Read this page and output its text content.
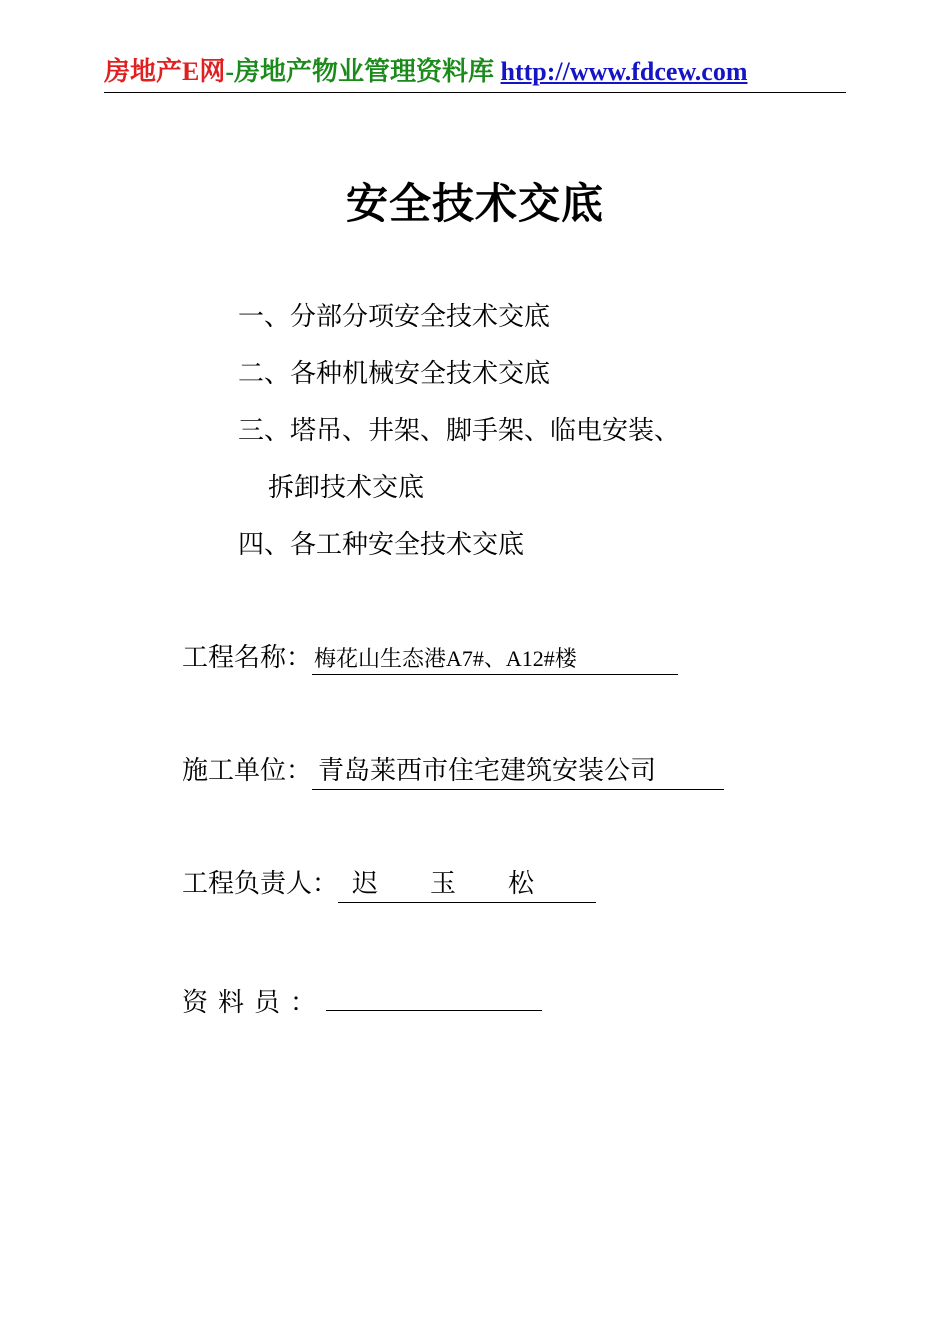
房地产E网-房地产物业管理资料库 http://www.fdcew.com
安全技术交底
一、分部分项安全技术交底
二、各种机械安全技术交底
三、塔吊、井架、脚手架、临电安装、
拆卸技术交底
四、各工种安全技术交底
工程名称：梅花山生态港A7#、A12#楼
施工单位： 青岛莱西市住宅建筑安装公司
工程负责人： 迟 玉 松
资料员：
